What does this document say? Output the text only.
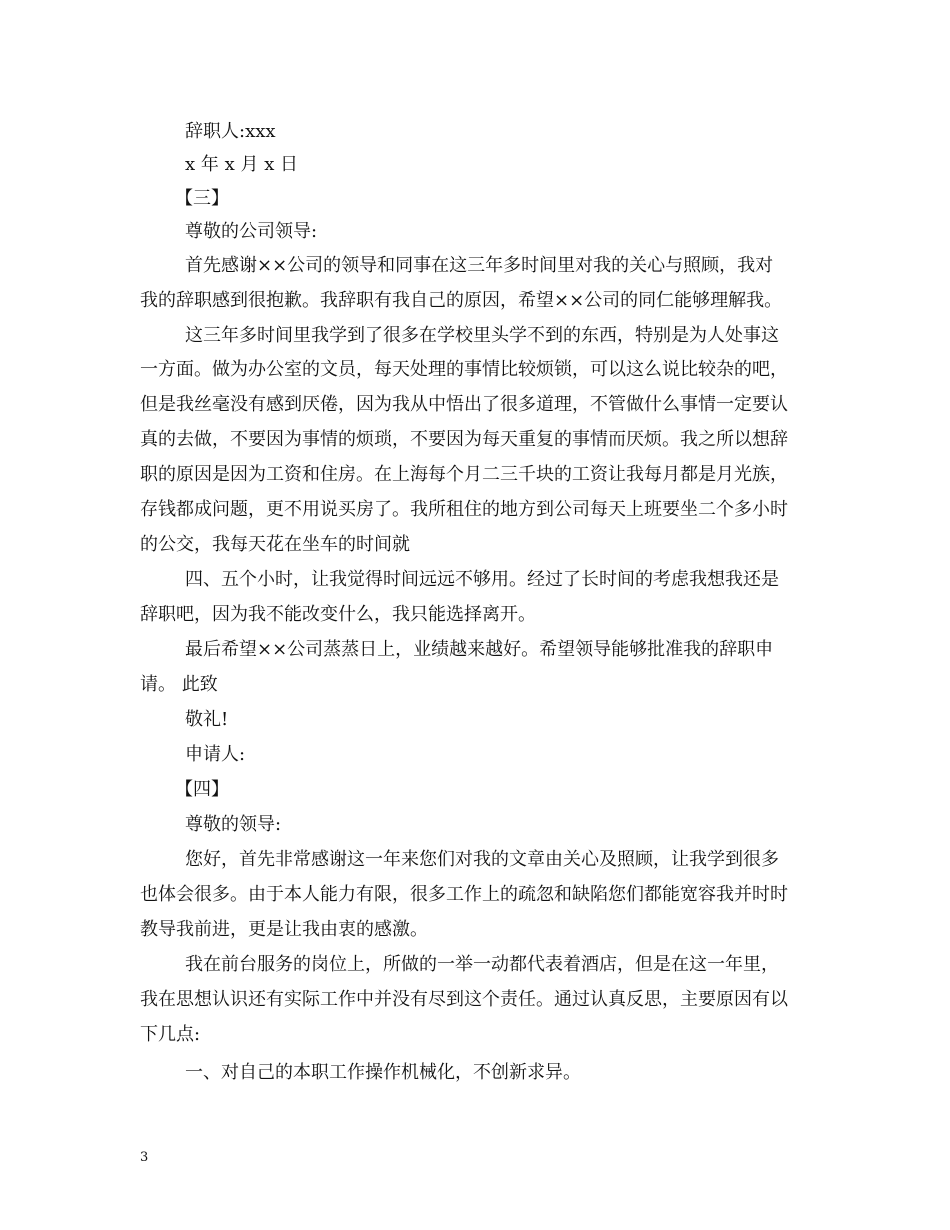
辞职人:xxx
x 年 x 月 x 日
【三】
尊敬的公司领导:
首先感谢××公司的领导和同事在这三年多时间里对我的关心与照顾，我对
我的辞职感到很抱歉。我辞职有我自己的原因，希望××公司的同仁能够理解我。
这三年多时间里我学到了很多在学校里头学不到的东西，特别是为人处事这
一方面。做为办公室的文员，每天处理的事情比较烦锁，可以这么说比较杂的吧，
但是我丝毫没有感到厌倦，因为我从中悟出了很多道理，不管做什么事情一定要认
真的去做，不要因为事情的烦琐，不要因为每天重复的事情而厌烦。我之所以想辞
职的原因是因为工资和住房。在上海每个月二三千块的工资让我每月都是月光族，
存钱都成问题，更不用说买房了。我所租住的地方到公司每天上班要坐二个多小时
的公交，我每天花在坐车的时间就
四、五个小时，让我觉得时间远远不够用。经过了长时间的考虑我想我还是
辞职吧，因为我不能改变什么，我只能选择离开。
最后希望××公司蒸蒸日上，业绩越来越好。希望领导能够批准我的辞职申
请。 此致
敬礼!
申请人:
【四】
尊敬的领导:
您好，首先非常感谢这一年来您们对我的文章由关心及照顾，让我学到很多
也体会很多。由于本人能力有限，很多工作上的疏忽和缺陷您们都能宽容我并时时
教导我前进，更是让我由衷的感激。
我在前台服务的岗位上，所做的一举一动都代表着酒店，但是在这一年里，
我在思想认识还有实际工作中并没有尽到这个责任。通过认真反思，主要原因有以
下几点:
一、对自己的本职工作操作机械化，不创新求异。
3
